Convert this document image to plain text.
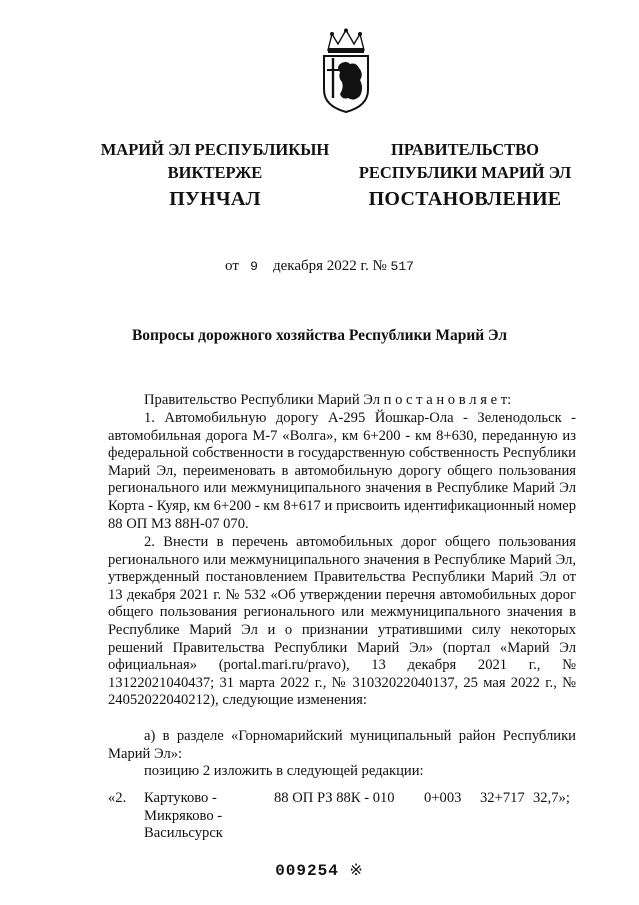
МАРИЙ ЭЛ РЕСПУБЛИКЫН
ВИКТЕРЖЕ
ПУНЧАЛ
ПРАВИТЕЛЬСТВО
РЕСПУБЛИКИ МАРИЙ ЭЛ
ПОСТАНОВЛЕНИЕ
от 9 декабря 2022 г. № 517
Вопросы дорожного хозяйства Республики Марий Эл
Правительство Республики Марий Эл п о с т а н о в л я е т:
1. Автомобильную дорогу А-295 Йошкар-Ола - Зеленодольск - автомобильная дорога М-7 «Волга», км 6+200 - км 8+630, переданную из федеральной собственности в государственную собственность Республики Марий Эл, переименовать в автомобильную дорогу общего пользования регионального или межмуниципального значения в Республике Марий Эл Корта - Куяр, км 6+200 - км 8+617 и присвоить идентификационный номер 88 ОП МЗ 88Н-07 070.
2. Внести в перечень автомобильных дорог общего пользования регионального или межмуниципального значения в Республике Марий Эл, утвержденный постановлением Правительства Республики Марий Эл от 13 декабря 2021 г. № 532 «Об утверждении перечня автомобильных дорог общего пользования регионального или межмуниципального значения в Республике Марий Эл и о признании утратившими силу некоторых решений Правительства Республики Марий Эл» (портал «Марий Эл официальная» (portal.mari.ru/pravo), 13 декабря 2021 г., № 13122021040437; 31 марта 2022 г., № 31032022040137, 25 мая 2022 г., № 24052022040212), следующие изменения:
а) в разделе «Горномарийский муниципальный район Республики Марий Эл»:
позицию 2 изложить в следующей редакции:
«2. Картуково -
Микряково -
Васильсурск
88 ОП РЗ 88К - 010 0+003 32+717 32,7»;
009254 ※
